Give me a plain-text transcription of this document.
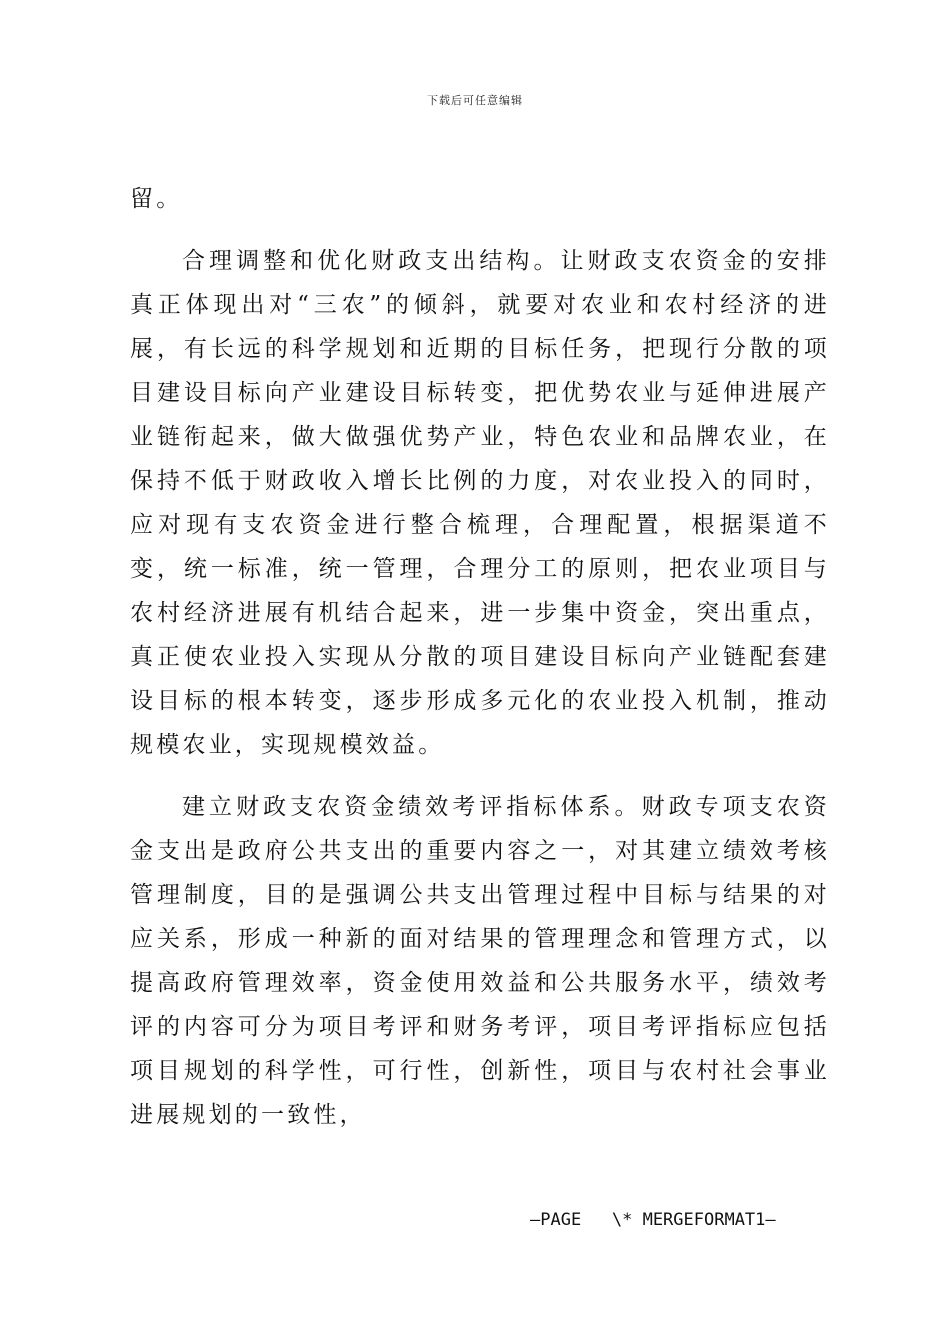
下载后可任意编辑

留。

合理调整和优化财政支出结构。让财政支农资金的安排真正体现出对“三农”的倾斜，就要对农业和农村经济的进展，有长远的科学规划和近期的目标任务，把现行分散的项目建设目标向产业建设目标转变，把优势农业与延伸进展产业链衔起来，做大做强优势产业，特色农业和品牌农业，在保持不低于财政收入增长比例的力度，对农业投入的同时，应对现有支农资金进行整合梳理，合理配置，根据渠道不变，统一标准，统一管理，合理分工的原则，把农业项目与农村经济进展有机结合起来，进一步集中资金，突出重点，真正使农业投入实现从分散的项目建设目标向产业链配套建设目标的根本转变，逐步形成多元化的农业投入机制，推动规模农业，实现规模效益。

建立财政支农资金绩效考评指标体系。财政专项支农资金支出是政府公共支出的重要内容之一，对其建立绩效考核管理制度，目的是强调公共支出管理过程中目标与结果的对应关系，形成一种新的面对结果的管理理念和管理方式，以提高政府管理效率，资金使用效益和公共服务水平，绩效考评的内容可分为项目考评和财务考评，项目考评指标应包括项目规划的科学性，可行性，创新性，项目与农村社会事业进展规划的一致性，

—PAGE   \* MERGEFORMAT1—
